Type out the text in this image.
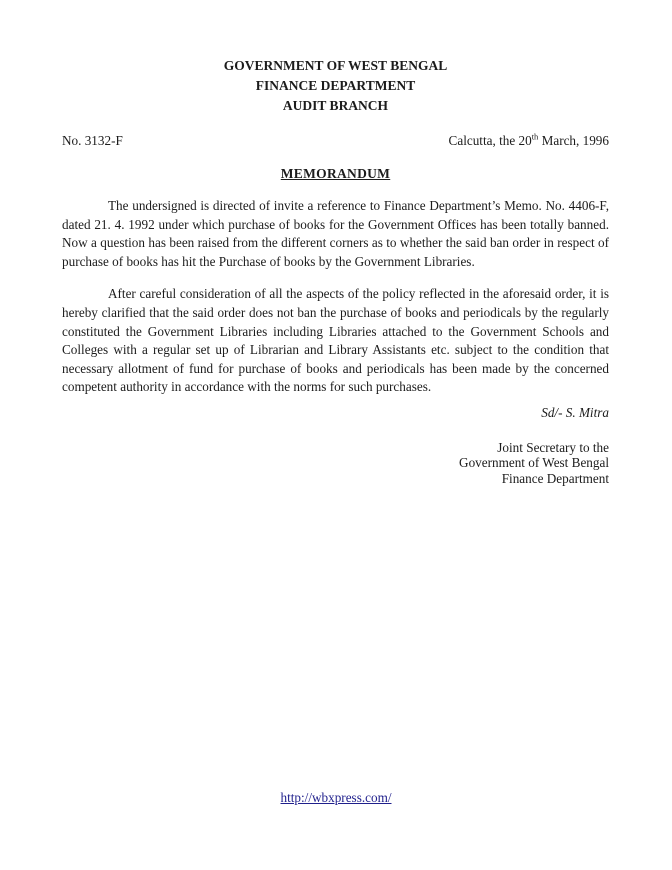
GOVERNMENT OF WEST BENGAL
FINANCE DEPARTMENT
AUDIT BRANCH
No. 3132-F	Calcutta, the 20th March, 1996
MEMORANDUM

The undersigned is directed of invite a reference to Finance Department’s Memo. No. 4406-F, dated 21. 4. 1992 under which purchase of books for the Government Offices has been totally banned. Now a question has been raised from the different corners as to whether the said ban order in respect of purchase of books has hit the Purchase of books by the Government Libraries.

After careful consideration of all the aspects of the policy reflected in the aforesaid order, it is hereby clarified that the said order does not ban the purchase of books and periodicals by the regularly constituted the Government Libraries including Libraries attached to the Government Schools and Colleges with a regular set up of Librarian and Library Assistants etc. subject to the condition that necessary allotment of fund for purchase of books and periodicals has been made by the concerned competent authority in accordance with the norms for such purchases.

Sd/- S. Mitra
Joint Secretary to the
Government of West Bengal
Finance Department
http://wbxpress.com/
